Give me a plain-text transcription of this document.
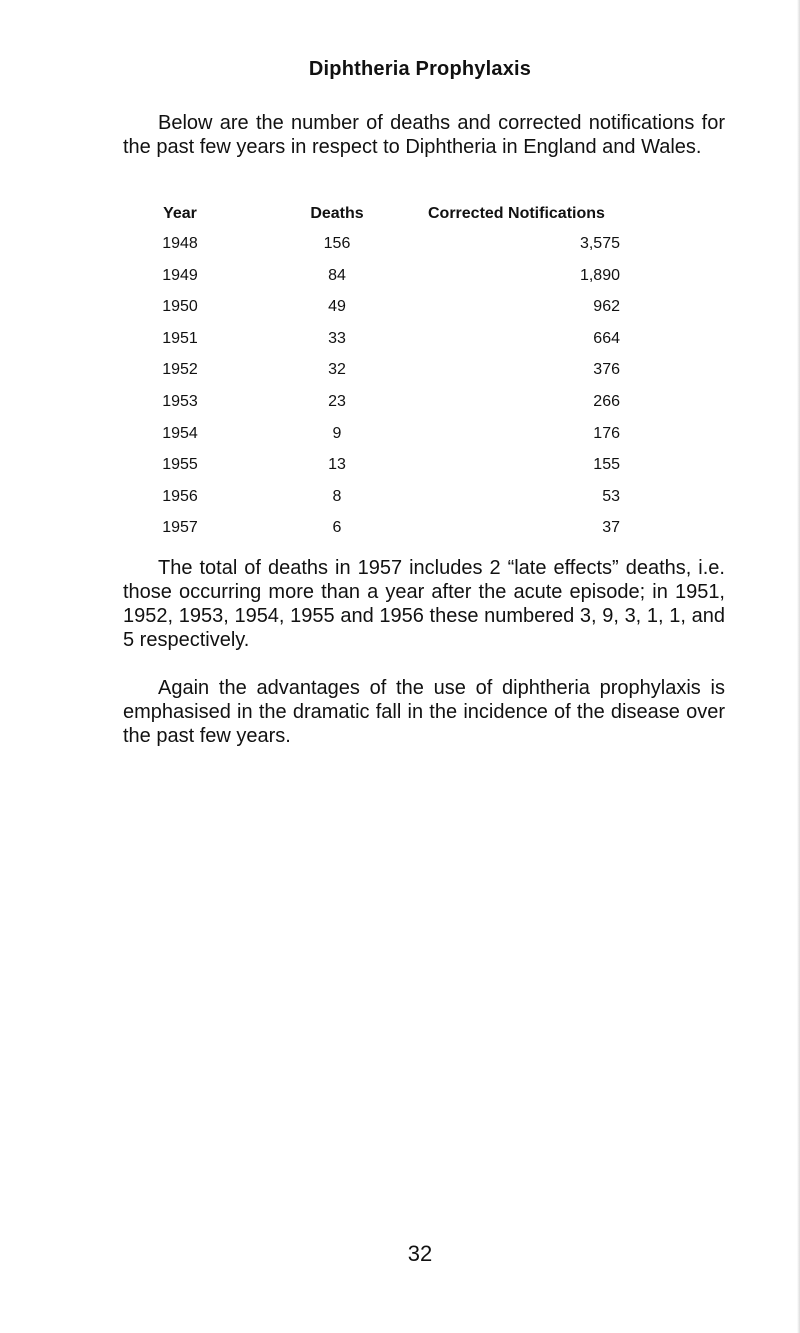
Diphtheria Prophylaxis
Below are the number of deaths and corrected notifications for the past few years in respect to Diphtheria in England and Wales.
Year	Deaths	Corrected Notifications
1948	156	3,575
1949	84	1,890
1950	49	962
1951	33	664
1952	32	376
1953	23	266
1954	9	176
1955	13	155
1956	8	53
1957	6	37
The total of deaths in 1957 includes 2 “late effects” deaths, i.e. those occurring more than a year after the acute episode; in 1951, 1952, 1953, 1954, 1955 and 1956 these numbered 3, 9, 3, 1, 1, and 5 respectively.
Again the advantages of the use of diphtheria prophylaxis is emphasised in the dramatic fall in the incidence of the disease over the past few years.
32
